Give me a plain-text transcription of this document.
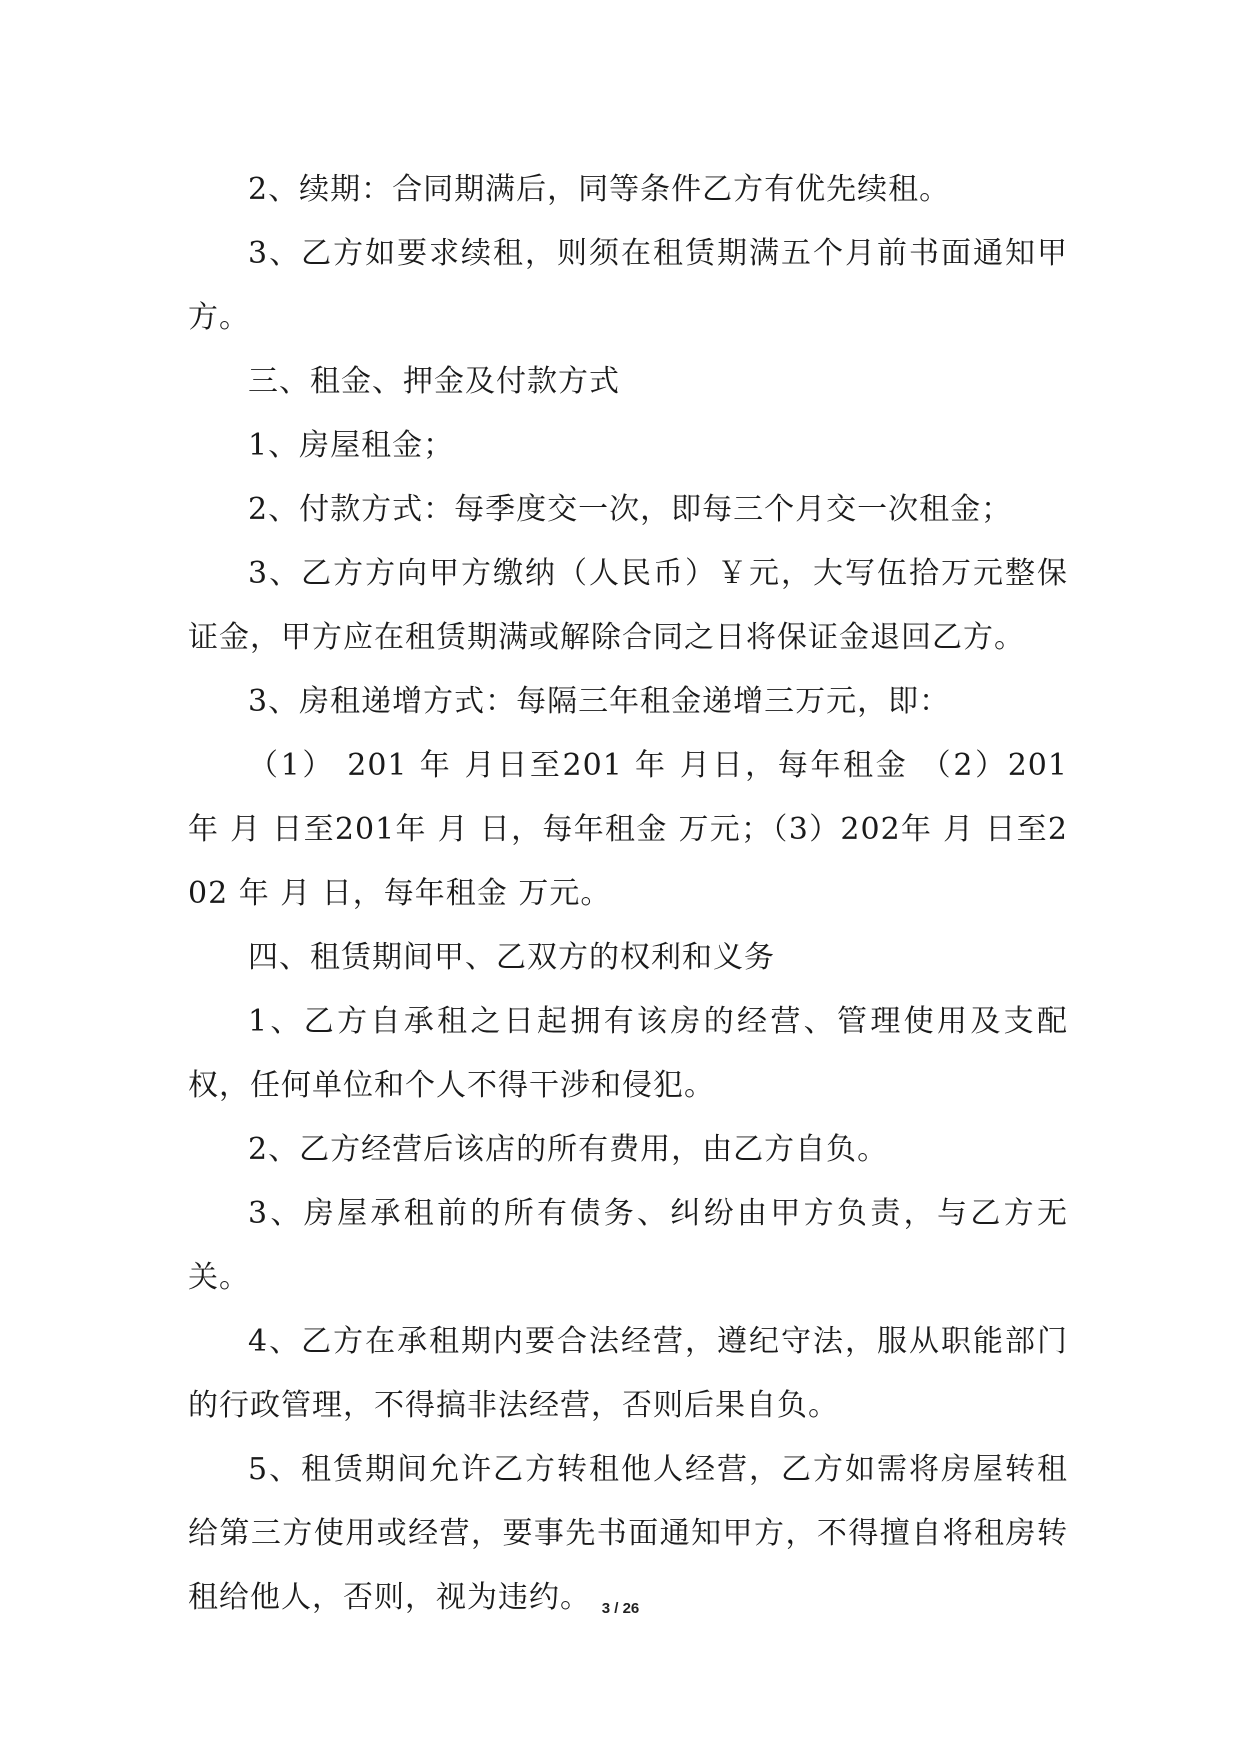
2、续期：合同期满后，同等条件乙方有优先续租。

3、乙方如要求续租，则须在租赁期满五个月前书面通知甲方。

三、租金、押金及付款方式

1、房屋租金；

2、付款方式：每季度交一次，即每三个月交一次租金；

3、乙方方向甲方缴纳（人民币）￥元，大写伍拾万元整保证金，甲方应在租赁期满或解除合同之日将保证金退回乙方。

3、房租递增方式：每隔三年租金递增三万元，即：

（1） 201 年 月日至201 年 月日，每年租金 （2）201 年 月 日至201年 月 日，每年租金 万元；（3）202年 月 日至202 年 月 日，每年租金 万元。

四、租赁期间甲、乙双方的权利和义务

1、乙方自承租之日起拥有该房的经营、管理使用及支配权，任何单位和个人不得干涉和侵犯。

2、乙方经营后该店的所有费用，由乙方自负。

3、房屋承租前的所有债务、纠纷由甲方负责，与乙方无关。

4、乙方在承租期内要合法经营，遵纪守法，服从职能部门的行政管理，不得搞非法经营，否则后果自负。

5、租赁期间允许乙方转租他人经营，乙方如需将房屋转租给第三方使用或经营，要事先书面通知甲方，不得擅自将租房转租给他人，否则，视为违约。 3 / 26
